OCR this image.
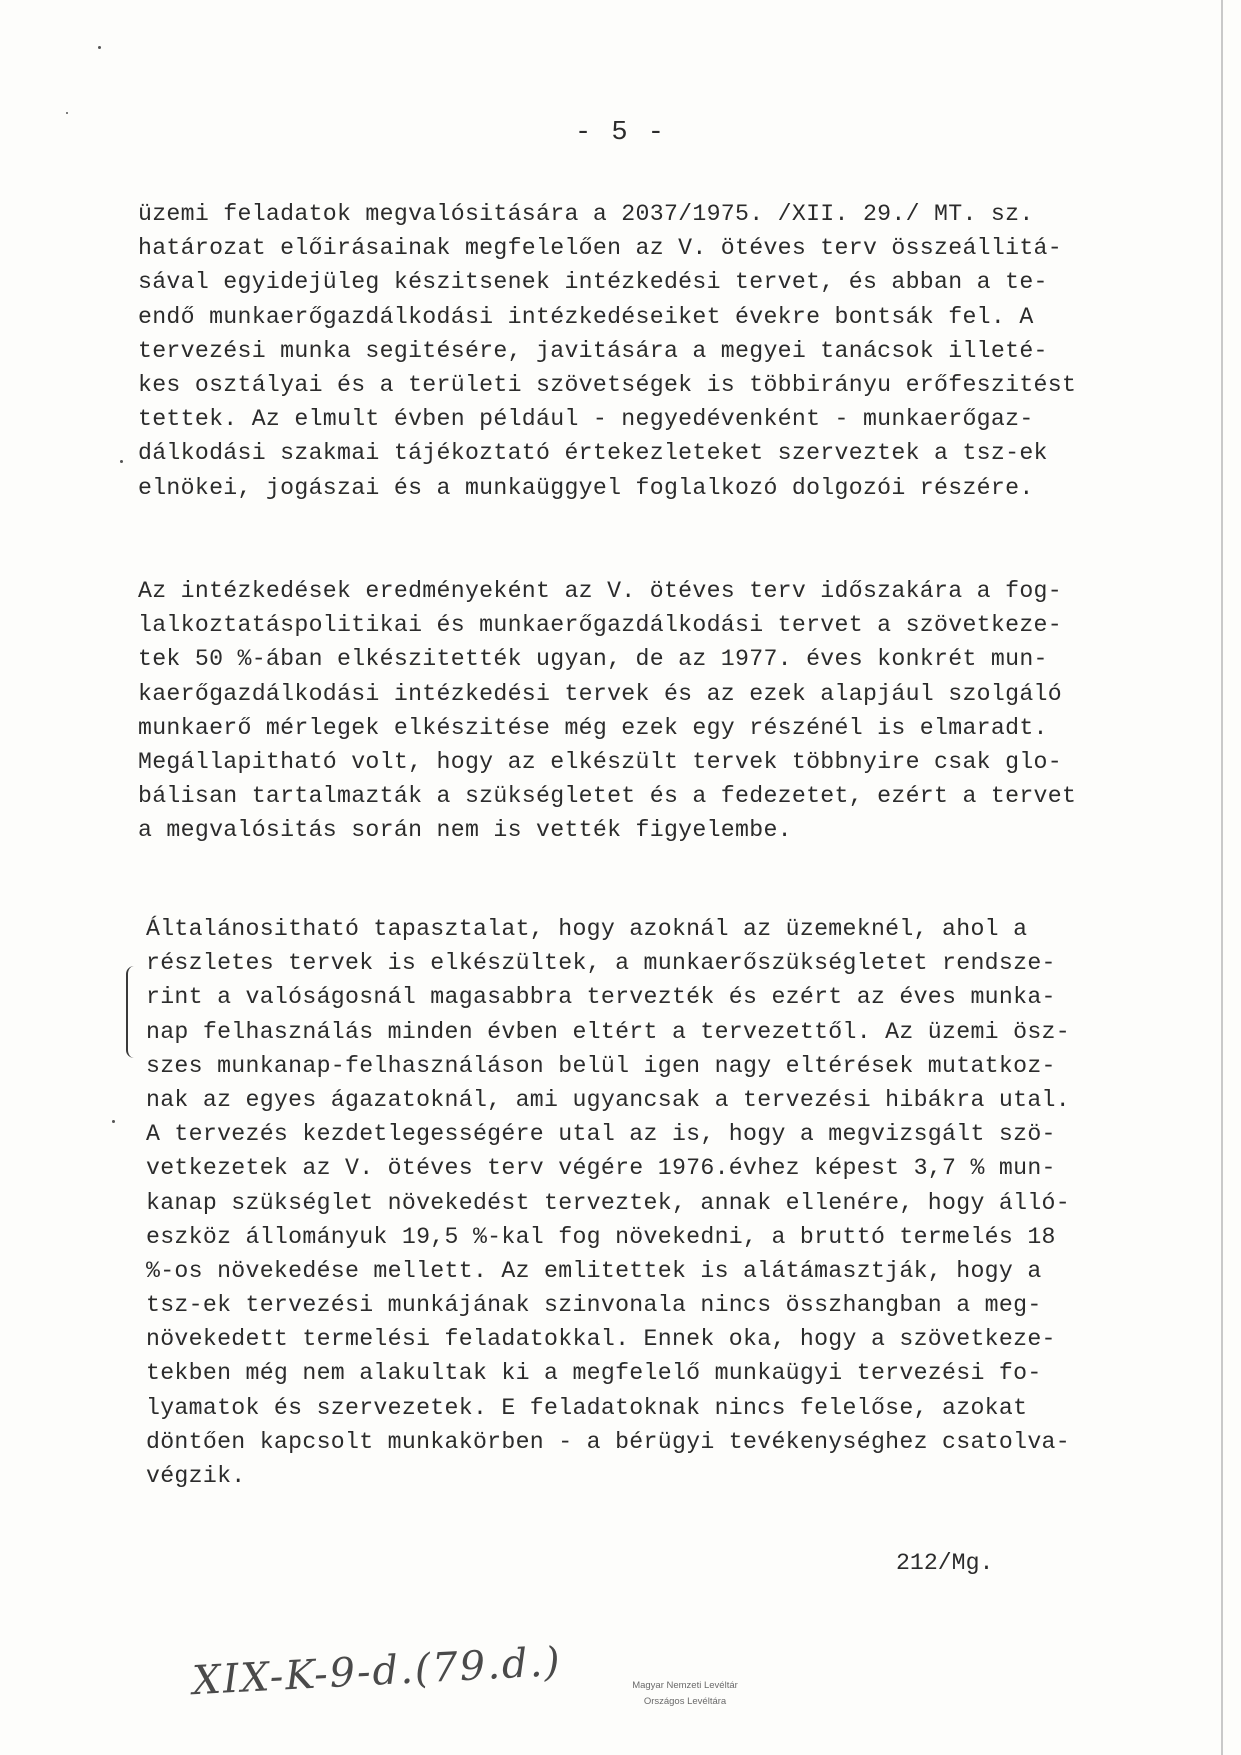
- 5 -
üzemi feladatok megvalósitására a 2037/1975. /XII. 29./ MT. sz.
határozat előirásainak megfelelően az V. ötéves terv összeállitá-
sával egyidejüleg készitsenek intézkedési tervet, és abban a te-
endő munkaerőgazdálkodási intézkedéseiket évekre bontsák fel. A
tervezési munka segitésére, javitására a megyei tanácsok illeté-
kes osztályai és a területi szövetségek is többirányu erőfeszitést
tettek. Az elmult évben például - negyedévenként - munkaerőgaz-
dálkodási szakmai tájékoztató értekezleteket szerveztek a tsz-ek
elnökei, jogászai és a munkaüggyel foglalkozó dolgozói részére.
Az intézkedések eredményeként az V. ötéves terv időszakára a fog-
lalkoztatáspolitikai és munkaerőgazdálkodási tervet a szövetkeze-
tek 50 %-ában elkészitették ugyan, de az 1977. éves konkrét mun-
kaerőgazdálkodási intézkedési tervek és az ezek alapjául szolgáló
munkaerő mérlegek elkészitése még ezek egy részénél is elmaradt.
Megállapitható volt, hogy az elkészült tervek többnyire csak glo-
bálisan tartalmazták a szükségletet és a fedezetet, ezért a tervet
a megvalósitás során nem is vették figyelembe.
Általánositható tapasztalat, hogy azoknál az üzemeknél, ahol a
részletes tervek is elkészültek, a munkaerőszükségletet rendsze-
rint a valóságosnál magasabbra tervezték és ezért az éves munka-
nap felhasználás minden évben eltért a tervezettől. Az üzemi ösz-
szes munkanap-felhasználáson belül igen nagy eltérések mutatkoz-
nak az egyes ágazatoknál, ami ugyancsak a tervezési hibákra utal.
A tervezés kezdetlegességére utal az is, hogy a megvizsgált szö-
vetkezetek az V. ötéves terv végére 1976.évhez képest 3,7 % mun-
kanap szükséglet növekedést terveztek, annak ellenére, hogy álló-
eszköz állományuk 19,5 %-kal fog növekedni, a bruttó termelés 18
%-os növekedése mellett. Az emlitettek is alátámasztják, hogy a
tsz-ek tervezési munkájának szinvonala nincs összhangban a meg-
növekedett termelési feladatokkal. Ennek oka, hogy a szövetkeze-
tekben még nem alakultak ki a megfelelő munkaügyi tervezési fo-
lyamatok és szervezetek. E feladatoknak nincs felelőse, azokat
döntően kapcsolt munkakörben - a bérügyi tevékenységhez csatolva-
végzik.
212/Mg.
XIX-K-9-d.(79.d.)	Magyar Nemzeti Levéltár
Országos Levéltára
